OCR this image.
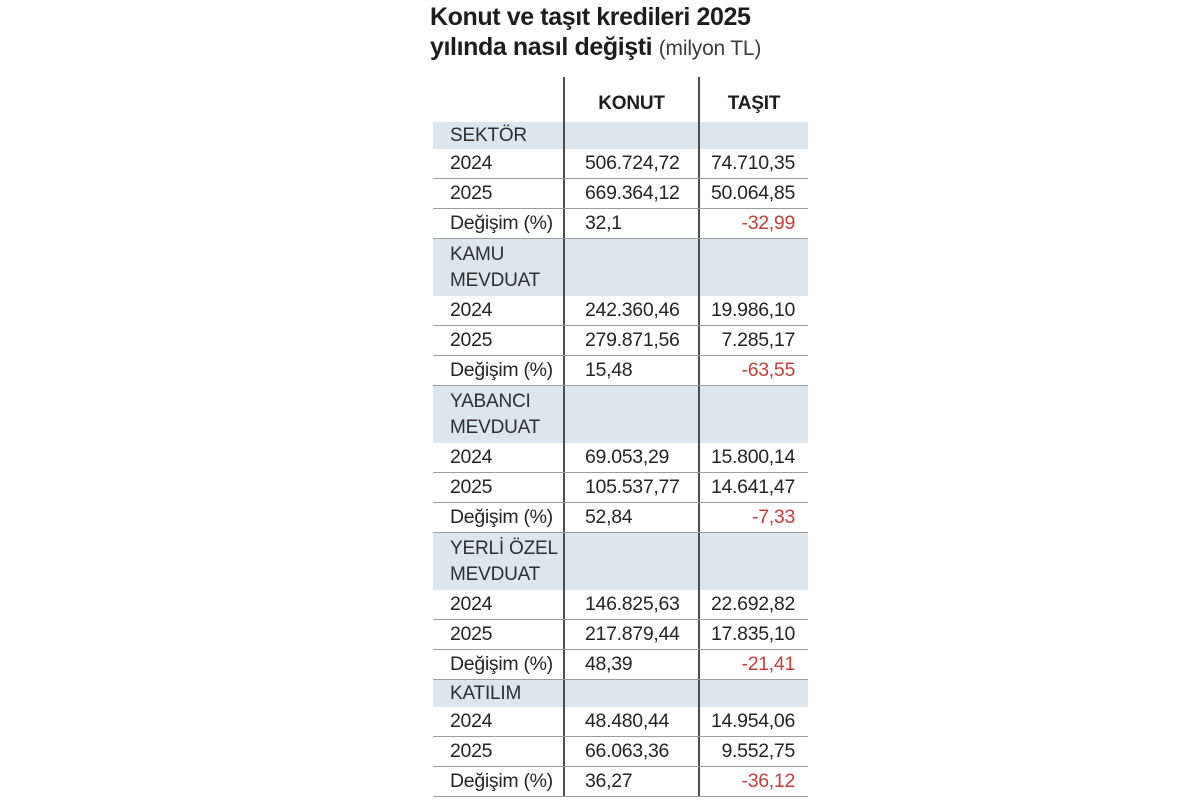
Konut ve taşıt kredileri 2025
yılında nasıl değişti (milyon TL)
KONUT	TAŞIT
SEKTÖR
2024	506.724,72	74.710,35
2025	669.364,12	50.064,85
Değişim (%)	32,1	-32,99
KAMU
MEVDUAT
2024	242.360,46	19.986,10
2025	279.871,56	7.285,17
Değişim (%)	15,48	-63,55
YABANCI
MEVDUAT
2024	69.053,29	15.800,14
2025	105.537,77	14.641,47
Değişim (%)	52,84	-7,33
YERLİ ÖZEL
MEVDUAT
2024	146.825,63	22.692,82
2025	217.879,44	17.835,10
Değişim (%)	48,39	-21,41
KATILIM
2024	48.480,44	14.954,06
2025	66.063,36	9.552,75
Değişim (%)	36,27	-36,12
